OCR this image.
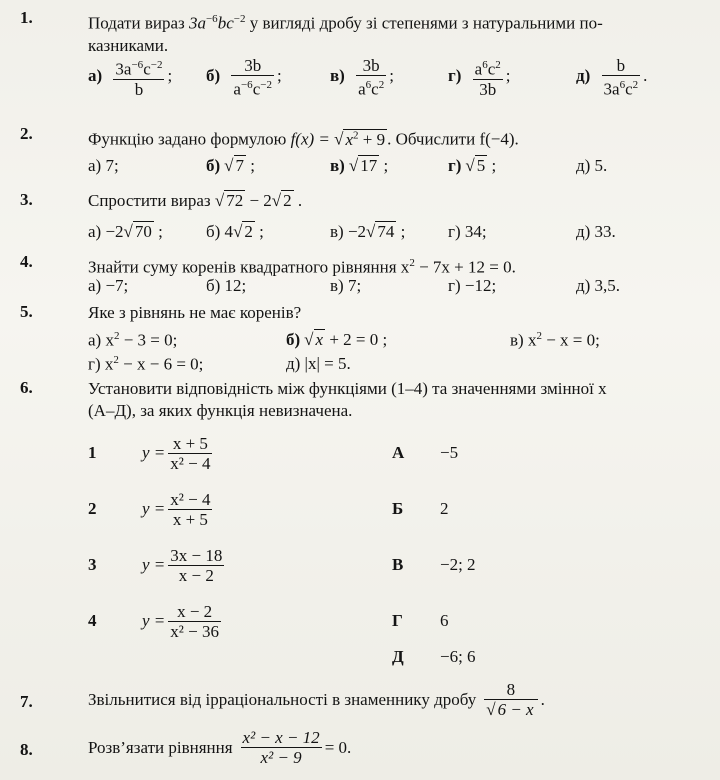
1.	Подати вираз $3a^{-6}bc^{-2}$ у вигляді дробу зі степенями з натуральними по-
казниками.
$а) \frac{3a^{-6}c^{-2}}{b}$ ; $б) \frac{3b}{a^{-6}c^{-2}}$ ;	$в) \frac{3b}{a^6c^2}$ ;	$г) \frac{a^6c^2}{3b}$ ;	$д) \frac{b}{3a^6c^2}$ .
2.	Функцію задано формулою f(x) = √ $x^2 + 9$ . Обчислити f(−4).
а) 7;	б) √ 7 ;	в) √ 17 ;	г) √ 5 ;	д) 5.
3.	Спростити вираз √ 72 − 2√ 2 .
а) −2√ 70 ;	б) 4√ 2 ;	в) −2√ 74 ;	г) 34;	д) 33.
4.	Знайти суму коренів квадратного рівняння $x^2 - 7x + 12 = 0$.
а) −7;	б) 12;	в) 7;	г) −12;	д) 3,5.
5.	Яке з рівнянь не має коренів?
а) $x^2 - 3 = 0$;	б) √ x + 2 = 0 ;	в) $x^2 - x = 0$;
г) $x^2 - x - 6 = 0$;	д) |x| = 5.
6.	Установити відповідність між функціями (1–4) та значеннями змінної x
(А–Д), за яких функція невизначена.
1	$y = \frac{x + 5}{\text{x² − 4}}$	А −5
2	$y = \frac{\text{x² − 4}}{x + 5}$	Б 2
3	$y = \frac{3x - 18}{x - 2}$	В −2; 2
4	$y = \frac{x - 2}{\text{x² − 36}}$	Г 6
Д −6; 6
7.	Звільнитися від ірраціональності в знаменнику дробу $\frac{8}{√ 6 - x}$ .
8.	Розв’язати рівняння $\frac{\text{x² − x − 12}}{\text{x² − 9}} = 0$.
